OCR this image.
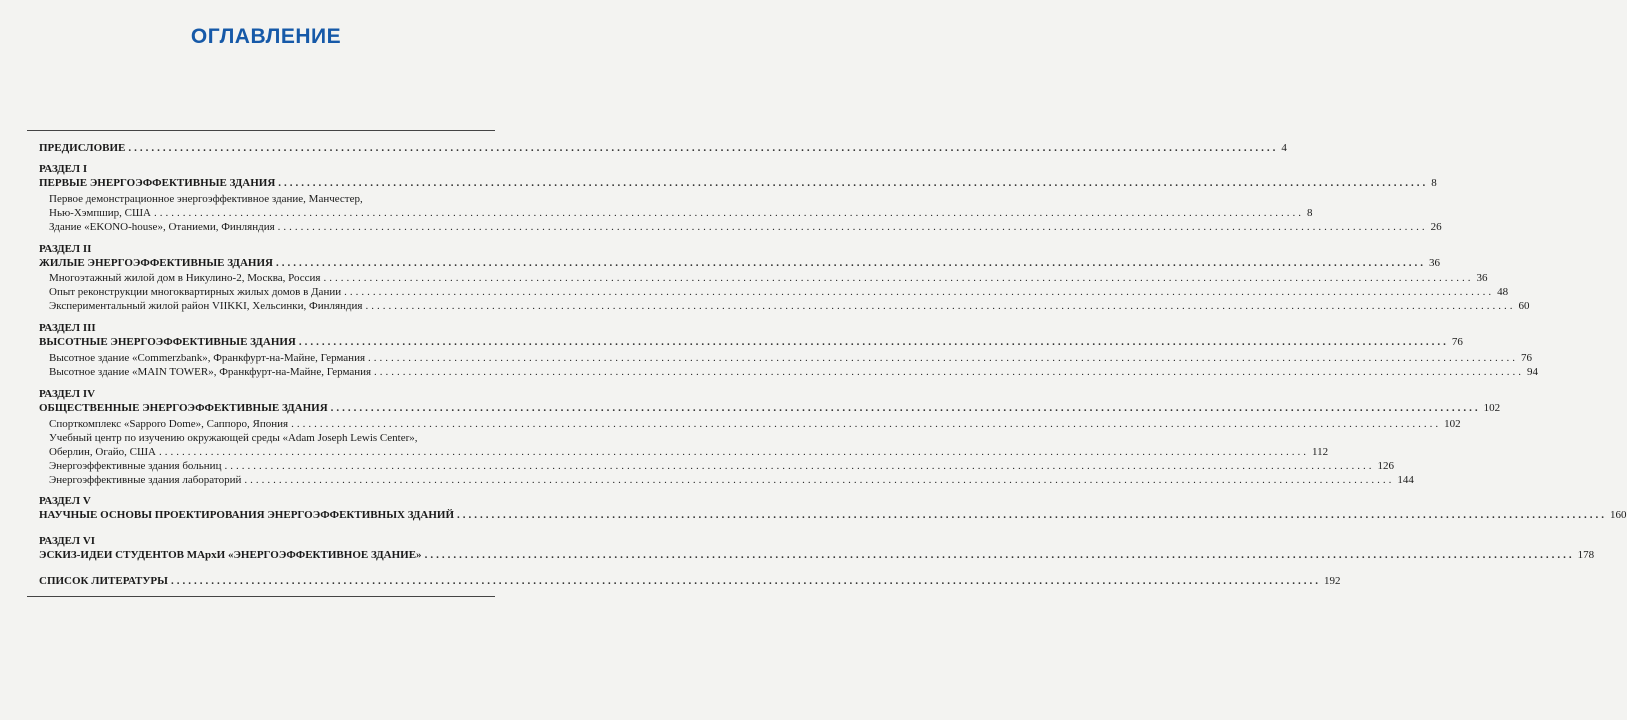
ОГЛАВЛЕНИЕ
ПРЕДИСЛОВИЕ ........................................................................................................................................................................................................ 4
РАЗДЕЛ I
ПЕРВЫЕ ЭНЕРГОЭФФЕКТИВНЫЕ ЗДАНИЯ ........................................................................................................................................................................................................ 8
Первое демонстрационное энергоэффективное здание, Манчестер,
Нью-Хэмпшир, США ........................................................................................................................................................................................................ 8
Здание «EKONO-house», Отаниеми, Финляндия ........................................................................................................................................................................................................ 26
РАЗДЕЛ II
ЖИЛЫЕ ЭНЕРГОЭФФЕКТИВНЫЕ ЗДАНИЯ ........................................................................................................................................................................................................ 36
Многоэтажный жилой дом в Никулино-2, Москва, Россия ........................................................................................................................................................................................................ 36
Опыт реконструкции многоквартирных жилых домов в Дании ........................................................................................................................................................................................................ 48
Экспериментальный жилой район VIIKKI, Хельсинки, Финляндия ........................................................................................................................................................................................................ 60
РАЗДЕЛ III
ВЫСОТНЫЕ ЭНЕРГОЭФФЕКТИВНЫЕ ЗДАНИЯ ........................................................................................................................................................................................................ 76
Высотное здание «Commerzbank», Франкфурт-на-Майне, Германия ........................................................................................................................................................................................................ 76
Высотное здание «MAIN TOWER», Франкфурт-на-Майне, Германия ........................................................................................................................................................................................................ 94
РАЗДЕЛ IV
ОБЩЕСТВЕННЫЕ ЭНЕРГОЭФФЕКТИВНЫЕ ЗДАНИЯ ........................................................................................................................................................................................................ 102
Спорткомплекс «Sapporo Dome», Саппоро, Япония ........................................................................................................................................................................................................ 102
Учебный центр по изучению окружающей среды «Adam Joseph Lewis Center»,
Оберлин, Огайо, США ........................................................................................................................................................................................................ 112
Энергоэффективные здания больниц ........................................................................................................................................................................................................ 126
Энергоэффективные здания лабораторий ........................................................................................................................................................................................................ 144
РАЗДЕЛ V
НАУЧНЫЕ ОСНОВЫ ПРОЕКТИРОВАНИЯ ЭНЕРГОЭФФЕКТИВНЫХ ЗДАНИЙ ........................................................................................................................................................................................................ 160
РАЗДЕЛ VI
ЭСКИЗ-ИДЕИ СТУДЕНТОВ МАрхИ «ЭНЕРГОЭФФЕКТИВНОЕ ЗДАНИЕ» ........................................................................................................................................................................................................ 178
СПИСОК ЛИТЕРАТУРЫ ........................................................................................................................................................................................................ 192
